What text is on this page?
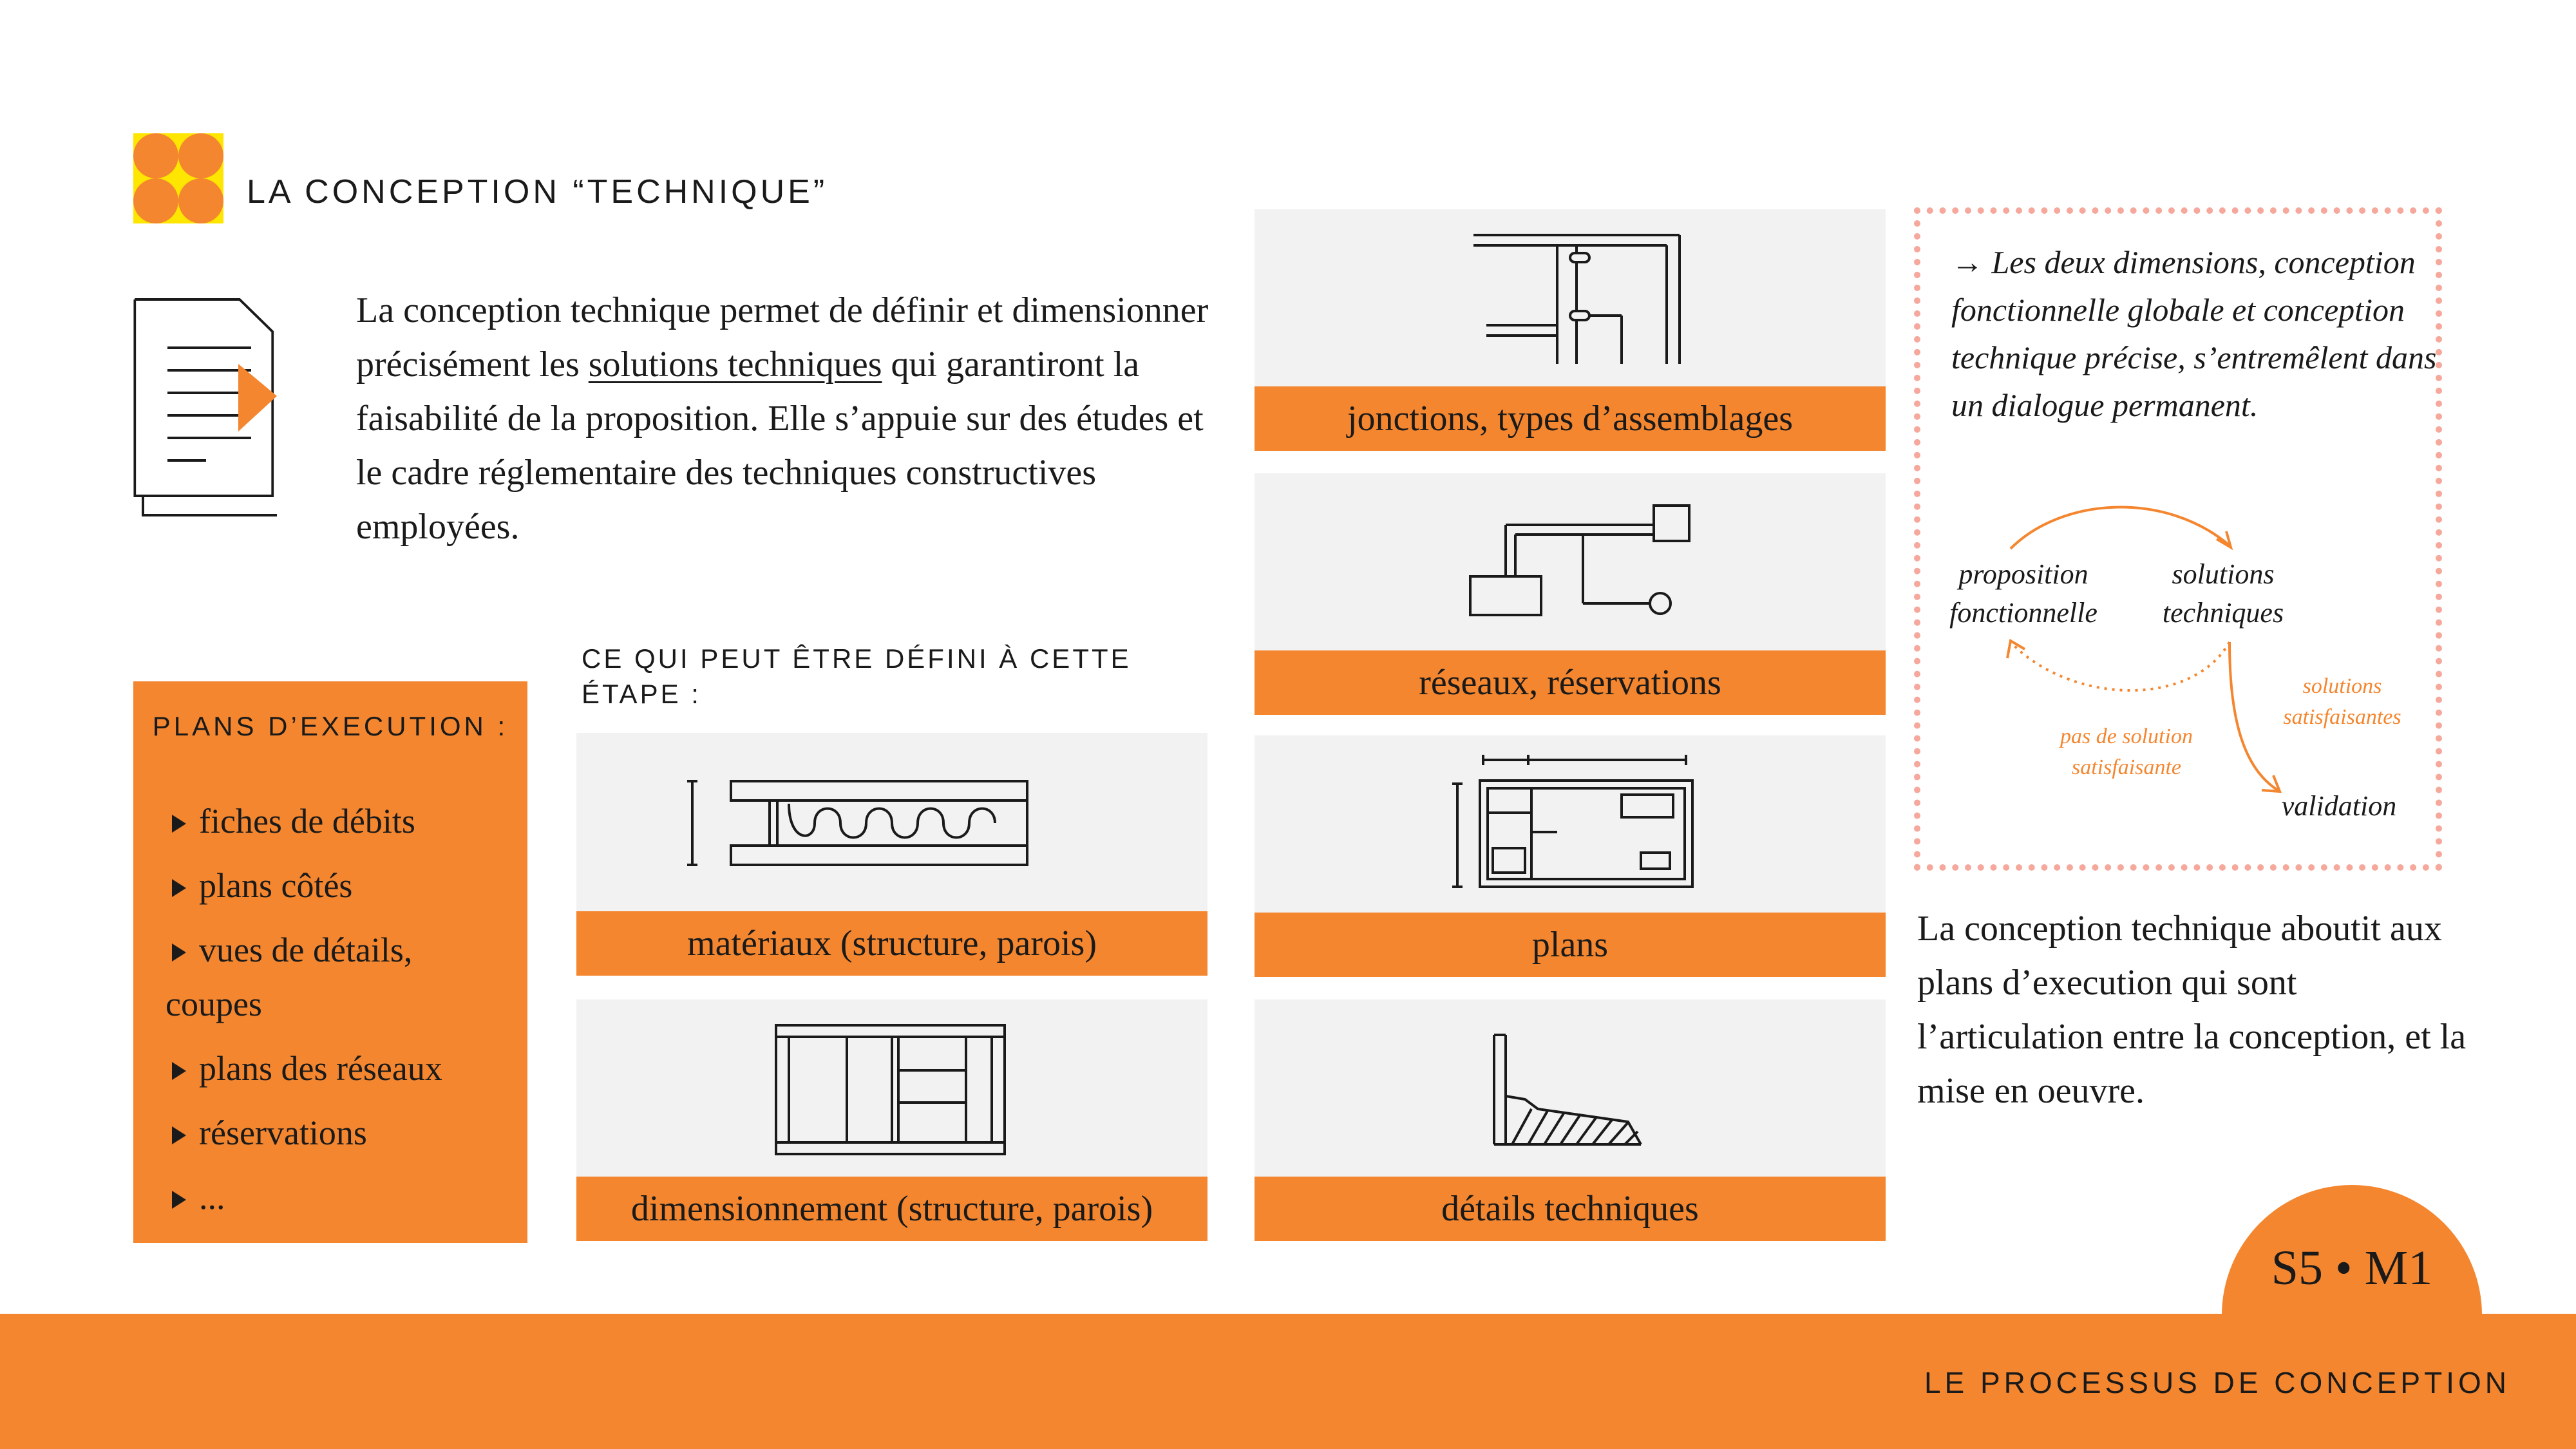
LA CONCEPTION “TECHNIQUE”
La conception technique permet de définir et dimensionner précisément les solutions techniques qui garantiront la faisabilité de la proposition. Elle s’appuie sur des études et le cadre réglementaire des techniques constructives employées.
PLANS D’EXECUTION :
fiches de débits
plans côtés
vues de détails, coupes
plans des réseaux
réservations
...
CE QUI PEUT ÊTRE DÉFINI À CETTE ÉTAPE :
matériaux (structure, parois)
dimensionnement (structure, parois)
jonctions, types d’assemblages
réseaux, réservations
plans
détails techniques
→ Les deux dimensions, conception fonctionnelle globale et conception technique précise, s’entremêlent dans un dialogue permanent.
proposition fonctionnelle
solutions techniques
solutions satisfaisantes
pas de solution satisfaisante
validation
La conception technique aboutit aux plans d’execution qui sont l’articulation entre la conception, et la mise en oeuvre.
S5 • M1
LE PROCESSUS DE CONCEPTION
